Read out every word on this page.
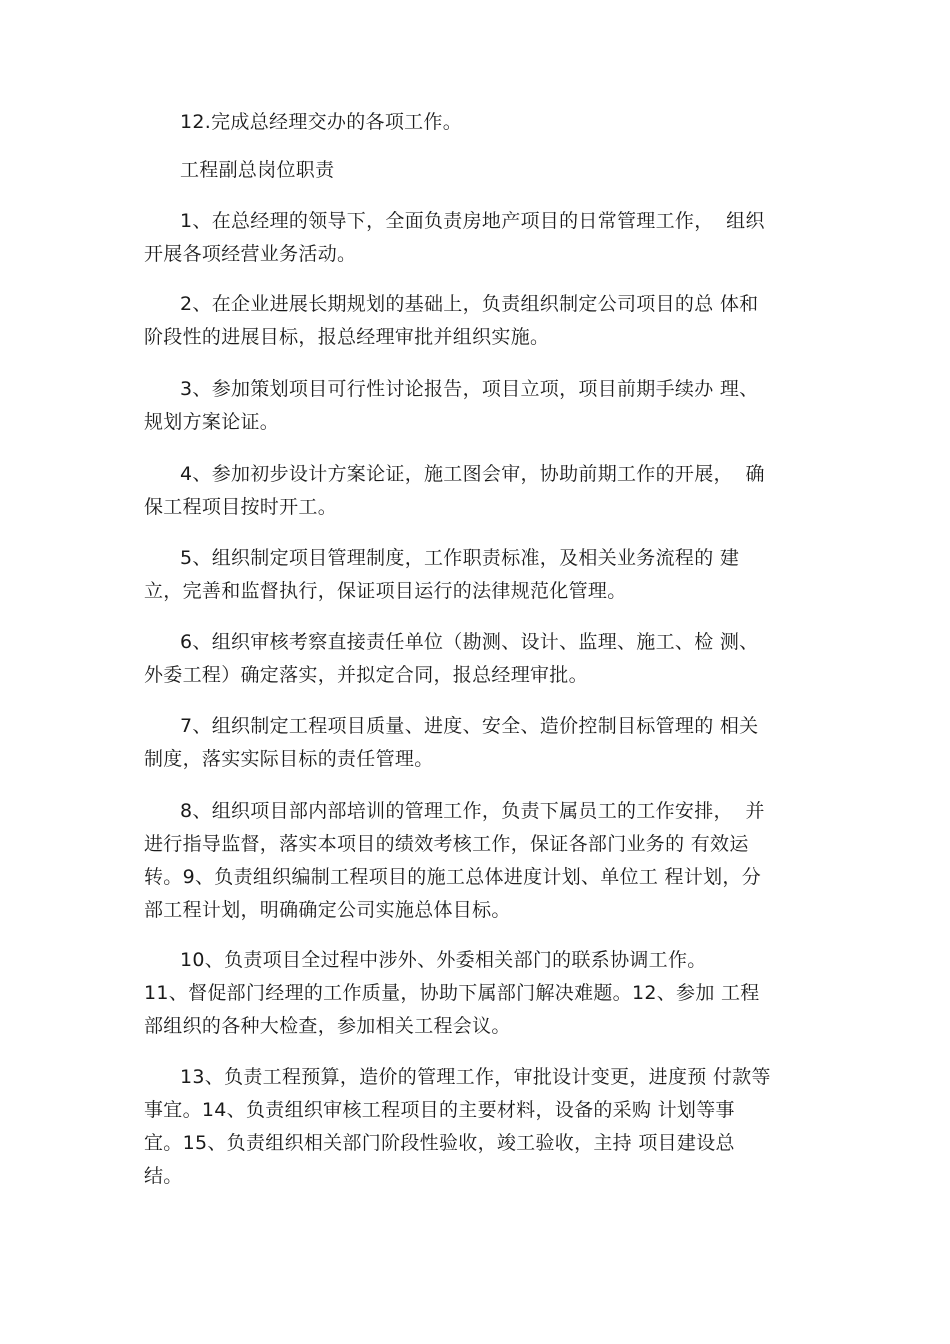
12.完成总经理交办的各项工作。
工程副总岗位职责
1、在总经理的领导下，全面负责房地产项目的日常管理工作，  组织
开展各项经营业务活动。
2、在企业进展长期规划的基础上，负责组织制定公司项目的总 体和
阶段性的进展目标，报总经理审批并组织实施。
3、参加策划项目可行性讨论报告，项目立项，项目前期手续办 理、
规划方案论证。
4、参加初步设计方案论证，施工图会审，协助前期工作的开展，  确
保工程项目按时开工。
5、组织制定项目管理制度，工作职责标准，及相关业务流程的 建
立，完善和监督执行，保证项目运行的法律规范化管理。
6、组织审核考察直接责任单位（勘测、设计、监理、施工、检 测、
外委工程）确定落实，并拟定合同，报总经理审批。
7、组织制定工程项目质量、进度、安全、造价控制目标管理的 相关
制度，落实实际目标的责任管理。
8、组织项目部内部培训的管理工作，负责下属员工的工作安排，  并
进行指导监督，落实本项目的绩效考核工作，保证各部门业务的 有效运
转。9、负责组织编制工程项目的施工总体进度计划、单位工 程计划，分
部工程计划，明确确定公司实施总体目标。
10、负责项目全过程中涉外、外委相关部门的联系协调工作。
11、督促部门经理的工作质量，协助下属部门解决难题。12、参加 工程
部组织的各种大检查，参加相关工程会议。
13、负责工程预算，造价的管理工作，审批设计变更，进度预 付款等
事宜。14、负责组织审核工程项目的主要材料，设备的采购 计划等事
宜。15、负责组织相关部门阶段性验收，竣工验收，主持 项目建设总
结。
